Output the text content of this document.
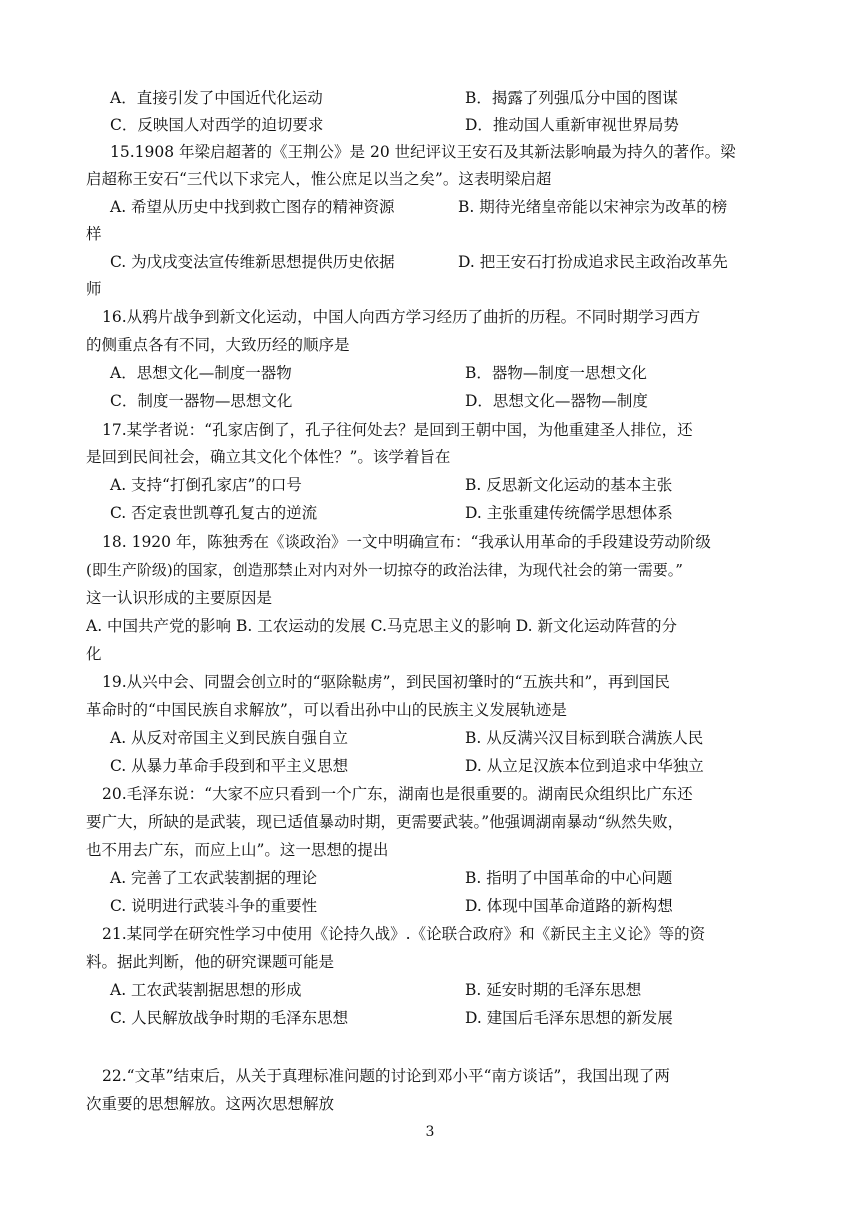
A．直接引发了中国近代化运动	B．揭露了列强瓜分中国的图谋
C．反映国人对西学的迫切要求	D．推动国人重新审视世界局势
15.1908 年梁启超著的《王荆公》是 20 世纪评议王安石及其新法影响最为持久的著作。梁
启超称王安石“三代以下求完人，惟公庶足以当之矣”。这表明梁启超
A. 希望从历史中找到救亡图存的精神资源	B. 期待光绪皇帝能以宋神宗为改革的榜
样
C. 为戊戌变法宣传维新思想提供历史依据	D. 把王安石打扮成追求民主政治改革先
师
16.从鸦片战争到新文化运动，中国人向西方学习经历了曲折的历程。不同时期学习西方
的侧重点各有不同，大致历经的顺序是
A．思想文化—制度一器物	B．器物—制度一思想文化
C．制度一器物—思想文化	D．思想文化—器物—制度
17.某学者说：“孔家店倒了，孔子往何处去？是回到王朝中国，为他重建圣人排位，还
是回到民间社会，确立其文化个体性？”。该学着旨在
A. 支持“打倒孔家店”的口号	B. 反思新文化运动的基本主张
C. 否定袁世凯尊孔复古的逆流	D. 主张重建传统儒学思想体系
18. 1920 年，陈独秀在《谈政治》一文中明确宣布：“我承认用革命的手段建设劳动阶级
(即生产阶级)的国家，创造那禁止对内对外一切掠夺的政治法律，为现代社会的第一需要。”
这一认识形成的主要原因是
A. 中国共产党的影响 B. 工农运动的发展 C.马克思主义的影响 D. 新文化运动阵营的分
化
19.从兴中会、同盟会创立时的“驱除鞑虏”，到民国初肇时的“五族共和”，再到国民
革命时的“中国民族自求解放”，可以看出孙中山的民族主义发展轨迹是
A. 从反对帝国主义到民族自强自立	B. 从反满兴汉目标到联合满族人民
C. 从暴力革命手段到和平主义思想	D. 从立足汉族本位到追求中华独立
20.毛泽东说：“大家不应只看到一个广东，湖南也是很重要的。湖南民众组织比广东还
要广大，所缺的是武装，现已适值暴动时期，更需要武装。”他强调湖南暴动“纵然失败，
也不用去广东，而应上山”。这一思想的提出
A. 完善了工农武装割据的理论	B. 指明了中国革命的中心问题
C. 说明进行武装斗争的重要性	D. 体现中国革命道路的新构想
21.某同学在研究性学习中使用《论持久战》.《论联合政府》和《新民主主义论》等的资
料。据此判断，他的研究课题可能是
A. 工农武装割据思想的形成	B. 延安时期的毛泽东思想
C. 人民解放战争时期的毛泽东思想	D. 建国后毛泽东思想的新发展
22.“文革”结束后，从关于真理标准问题的讨论到邓小平“南方谈话”，我国出现了两
次重要的思想解放。这两次思想解放
3
